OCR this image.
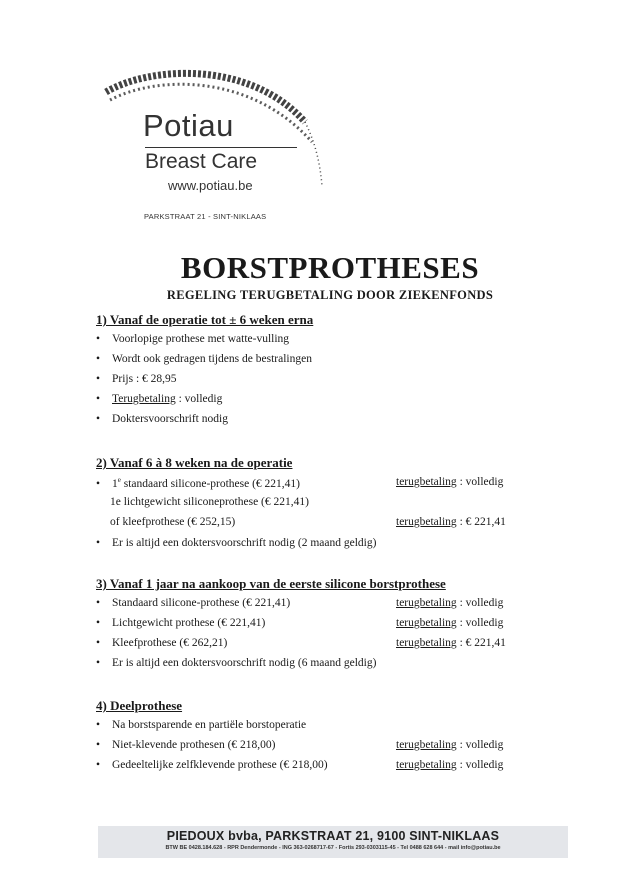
Potiau
Breast Care
www.potiau.be
PARKSTRAAT 21 - SINT-NIKLAAS
BORSTPROTHESES
REGELING TERUGBETALING DOOR ZIEKENFONDS
1) Vanaf de operatie tot ± 6 weken erna
• Voorlopige prothese met watte-vulling
• Wordt ook gedragen tijdens de bestralingen
• Prijs : € 28,95
• Terugbetaling : volledig
• Doktersvoorschrift nodig
2) Vanaf 6 à 8 weken na de operatie
• 1e standaard silicone-prothese (€ 221,41)	terugbetaling : volledig
1e lichtgewicht siliconeprothese (€ 221,41)
of kleefprothese (€ 252,15)	terugbetaling : € 221,41
• Er is altijd een doktersvoorschrift nodig (2 maand geldig)
3) Vanaf 1 jaar na aankoop van de eerste silicone borstprothese
• Standaard silicone-prothese (€ 221,41)	terugbetaling : volledig
• Lichtgewicht prothese (€ 221,41)	terugbetaling : volledig
• Kleefprothese (€ 262,21)	terugbetaling : € 221,41
• Er is altijd een doktersvoorschrift nodig (6 maand geldig)
4) Deelprothese
• Na borstsparende en partiële borstoperatie
• Niet-klevende prothesen (€ 218,00)	terugbetaling : volledig
• Gedeeltelijke zelfklevende prothese (€ 218,00)	terugbetaling : volledig
PIEDOUX bvba, PARKSTRAAT 21, 9100 SINT-NIKLAAS
BTW BE 0428.184.628 - RPR Dendermonde - ING 363-0268717-67 - Fortis 293-0303115-45 - Tel 0488 628 644 - mail info@potiau.be
